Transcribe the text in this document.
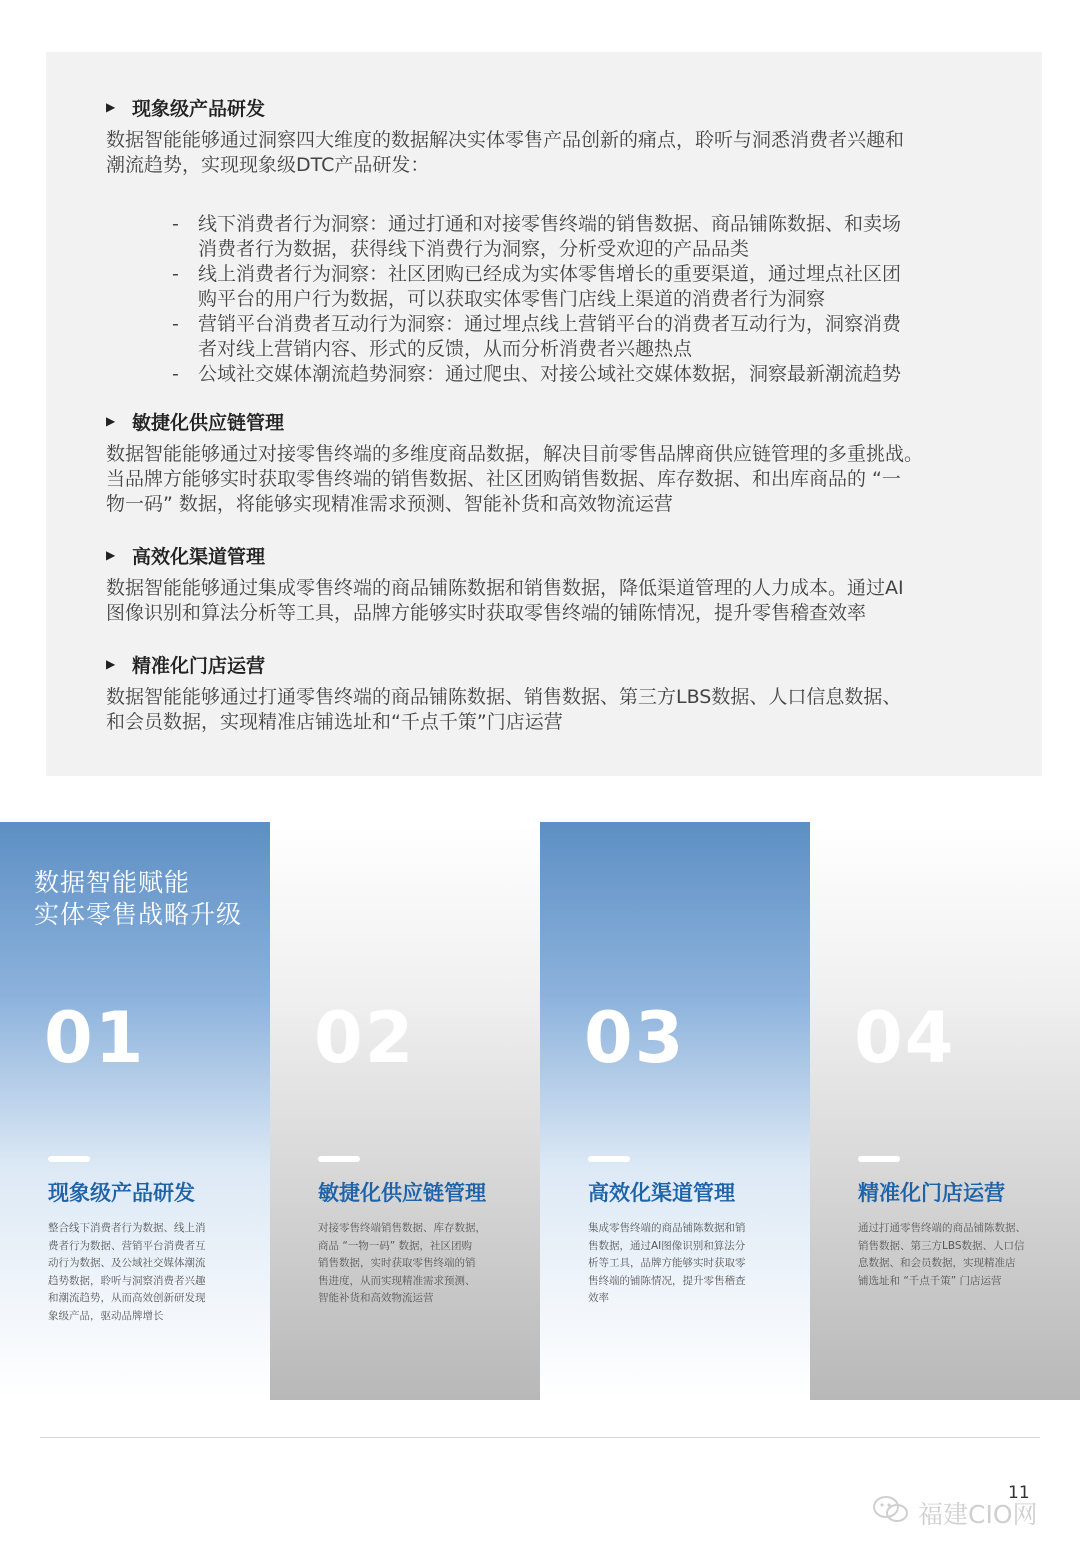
▶ 现象级产品研发

数据智能能够通过洞察四大维度的数据解决实体零售产品创新的痛点，聆听与洞悉消费者兴趣和

潮流趋势，实现现象级DTC产品研发：

- 线下消费者行为洞察：通过打通和对接零售终端的销售数据、商品铺陈数据、和卖场

消费者行为数据，获得线下消费行为洞察，分析受欢迎的产品品类

- 线上消费者行为洞察：社区团购已经成为实体零售增长的重要渠道，通过埋点社区团

购平台的用户行为数据，可以获取实体零售门店线上渠道的消费者行为洞察

- 营销平台消费者互动行为洞察：通过埋点线上营销平台的消费者互动行为，洞察消费

者对线上营销内容、形式的反馈，从而分析消费者兴趣热点

- 公域社交媒体潮流趋势洞察：通过爬虫、对接公域社交媒体数据，洞察最新潮流趋势

▶ 敏捷化供应链管理

数据智能能够通过对接零售终端的多维度商品数据，解决目前零售品牌商供应链管理的多重挑战。

当品牌方能够实时获取零售终端的销售数据、社区团购销售数据、库存数据、和出库商品的 “一

物一码” 数据，将能够实现精准需求预测、智能补货和高效物流运营

▶ 高效化渠道管理

数据智能能够通过集成零售终端的商品铺陈数据和销售数据，降低渠道管理的人力成本。通过AI

图像识别和算法分析等工具，品牌方能够实时获取零售终端的铺陈情况，提升零售稽查效率

▶ 精准化门店运营

数据智能能够通过打通零售终端的商品铺陈数据、销售数据、第三方LBS数据、人口信息数据、

和会员数据，实现精准店铺选址和“千点千策”门店运营

数据智能赋能

实体零售战略升级

01
现象级产品研发

整合线下消费者行为数据、线上消

费者行为数据、营销平台消费者互

动行为数据、及公域社交媒体潮流

趋势数据，聆听与洞察消费者兴趣

和潮流趋势，从而高效创新研发现

象级产品，驱动品牌增长

02
敏捷化供应链管理

对接零售终端销售数据、库存数据，

商品 “一物一码” 数据，社区团购

销售数据，实时获取零售终端的销

售进度，从而实现精准需求预测、

智能补货和高效物流运营

03
高效化渠道管理

集成零售终端的商品铺陈数据和销

售数据，通过AI图像识别和算法分

析等工具，品牌方能够实时获取零

售终端的铺陈情况，提升零售稽查

效率

04
精准化门店运营

通过打通零售终端的商品铺陈数据、

销售数据、第三方LBS数据、人口信

息数据、和会员数据，实现精准店

铺选址和 “千点千策” 门店运营

11
福建CIO网
